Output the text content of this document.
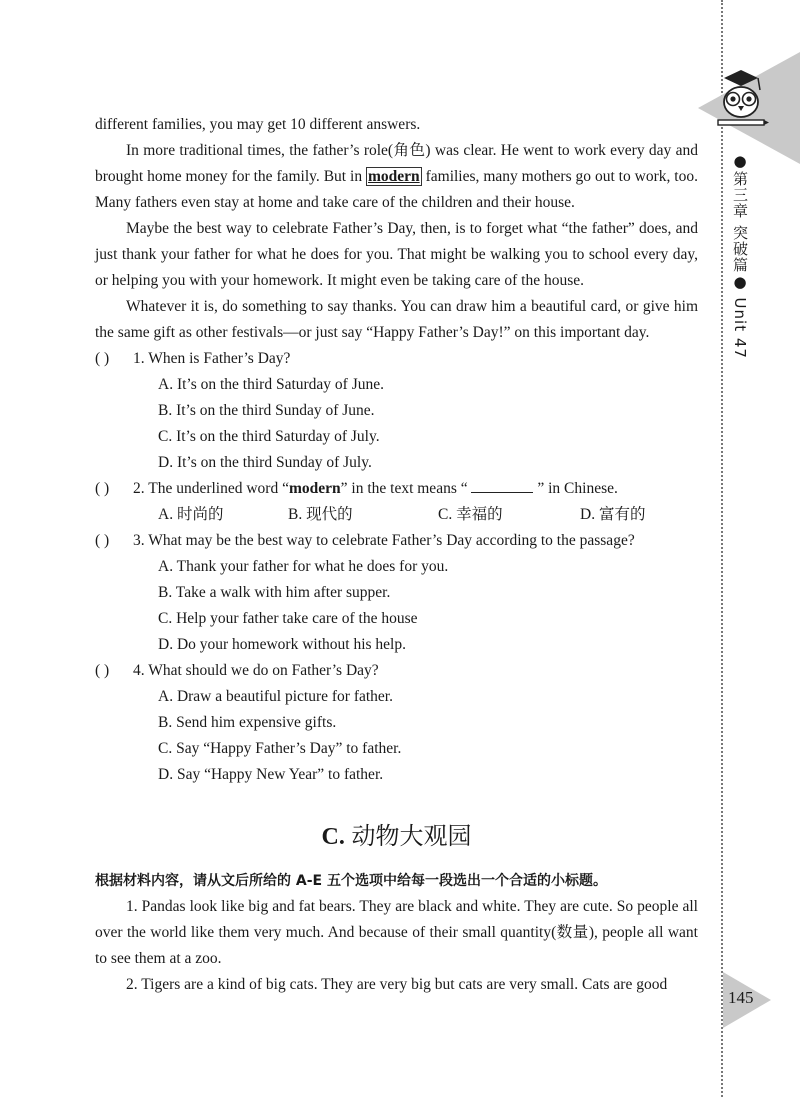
●第三章 突破篇● Unit 47
145

different families, you may get 10 different answers.

In more traditional times, the father’s role(角色) was clear. He went to work every day and brought home money for the family. But in modern families, many mothers go out to work, too. Many fathers even stay at home and take care of the children and their house.

Maybe the best way to celebrate Father’s Day, then, is to forget what “the father” does, and just thank your father for what he does for you. That might be walking you to school every day, or helping you with your homework. It might even be taking care of the house.

Whatever it is, do something to say thanks. You can draw him a beautiful card, or give him the same gift as other festivals—or just say “Happy Father’s Day!” on this important day.

( ) 1. When is Father’s Day?
A. It’s on the third Saturday of June.
B. It’s on the third Sunday of June.
C. It’s on the third Saturday of July.
D. It’s on the third Sunday of July.
( ) 2. The underlined word “modern” in the text means “	” in Chinese.
A. 时尚的	B. 现代的	C. 幸福的	D. 富有的
( ) 3. What may be the best way to celebrate Father’s Day according to the passage?
A. Thank your father for what he does for you.
B. Take a walk with him after supper.
C. Help your father take care of the house
D. Do your homework without his help.
( ) 4. What should we do on Father’s Day?
A. Draw a beautiful picture for father.
B. Send him expensive gifts.
C. Say “Happy Father’s Day” to father.
D. Say “Happy New Year” to father.
C. 动物大观园
根据材料内容，请从文后所给的 A-E 五个选项中给每一段选出一个合适的小标题。

1. Pandas look like big and fat bears. They are black and white. They are cute. So people all over the world like them very much. And because of their small quantity(数量), people all want to see them at a zoo.

2. Tigers are a kind of big cats. They are very big but cats are very small. Cats are good
